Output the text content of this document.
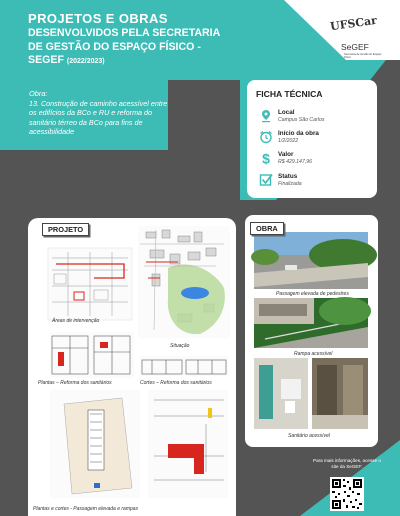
PROJETOS E OBRAS
DESENVOLVIDOS PELA SECRETARIA
DE GESTÃO DO ESPAÇO FÍSICO -
SEGEF (2022/2023)
UFSCar
SeGEF
Secretaria de Gestão do Espaço Físico
Obra:
13. Construção de caminho acessível entre os edifícios da BCo e RU e reforma do sanitário térreo da BCo para fins de acessibilidade
FICHA TÉCNICA
Local
Campus São Carlos
Início da obra
1/2/2022
$ Valor
R$ 429.147,96
Status
Finalizada
PROJETO
Áreas de intervenção
Situação
Plantas – Reforma dos sanitários	Cortes – Reforma dos sanitários
Plantas e cortes - Passagem elevada e rampas
OBRA
Passagem elevada de pedestres
Rampa acessível
Sanitário acessível
Para mais informações, acesse o site da SeGEF:
